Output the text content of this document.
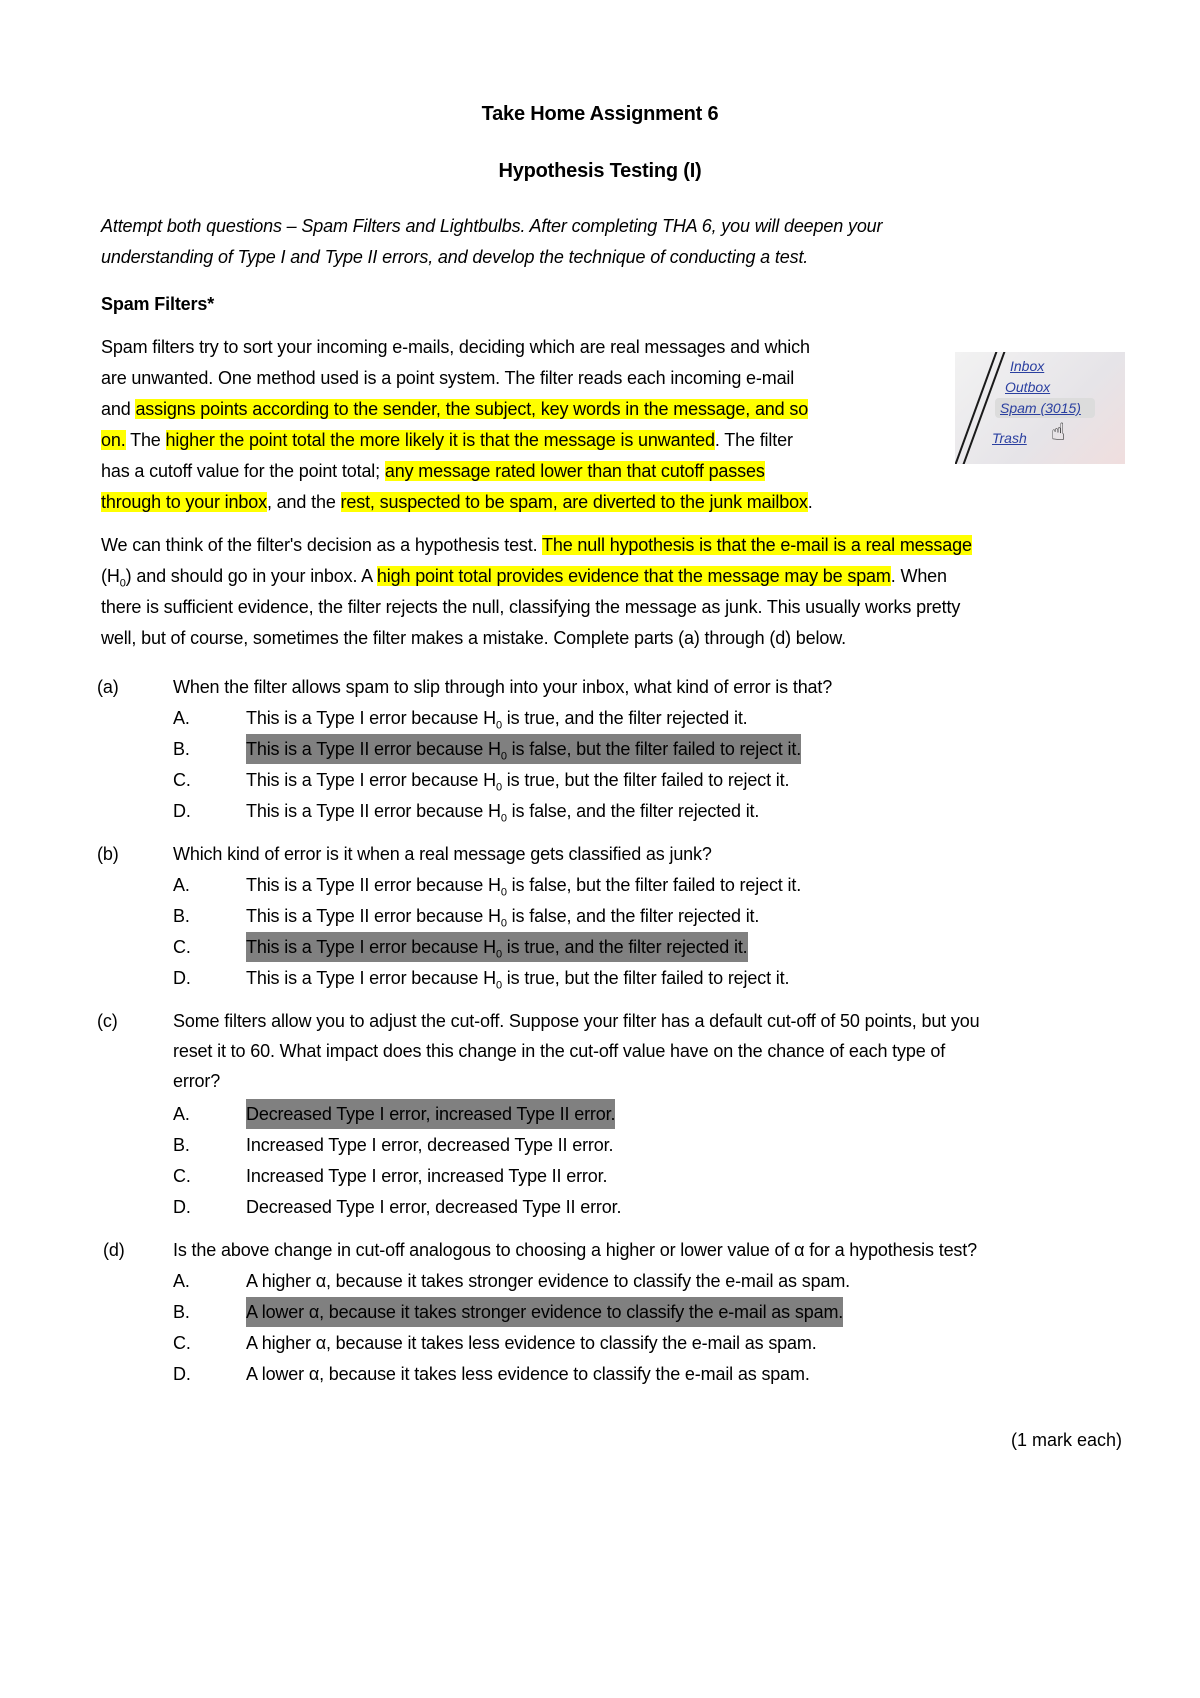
Take Home Assignment 6
Hypothesis Testing (I)
Attempt both questions – Spam Filters and Lightbulbs. After completing THA 6, you will deepen your
understanding of Type I and Type II errors, and develop the technique of conducting a test.
Spam Filters*
Spam filters try to sort your incoming e-mails, deciding which are real messages and which
are unwanted. One method used is a point system. The filter reads each incoming e-mail
and assigns points according to the sender, the subject, key words in the message, and so
on. The higher the point total the more likely it is that the message is unwanted. The filter
has a cutoff value for the point total; any message rated lower than that cutoff passes
through to your inbox, and the rest, suspected to be spam, are diverted to the junk mailbox.
Inbox
Outbox
Spam (3015)
Trash ☝
We can think of the filter's decision as a hypothesis test. The null hypothesis is that the e-mail is a real message
$(H_0)$ and should go in your inbox. A high point total provides evidence that the message may be spam. When
there is sufficient evidence, the filter rejects the null, classifying the message as junk. This usually works pretty
well, but of course, sometimes the filter makes a mistake. Complete parts (a) through (d) below.
(a)	When the filter allows spam to slip through into your inbox, what kind of error is that?
A.	This is a Type I error because $H_0$ is true, and the filter rejected it.
B.	This is a Type II error because $H_0$ is false, but the filter failed to reject it.
C.	This is a Type I error because $H_0$ is true, but the filter failed to reject it.
D.	This is a Type II error because $H_0$ is false, and the filter rejected it.
(b)	Which kind of error is it when a real message gets classified as junk?
A.	This is a Type II error because $H_0$ is false, but the filter failed to reject it.
B.	This is a Type II error because $H_0$ is false, and the filter rejected it.
C.	This is a Type I error because $H_0$ is true, and the filter rejected it.
D.	This is a Type I error because $H_0$ is true, but the filter failed to reject it.
(c)	Some filters allow you to adjust the cut-off. Suppose your filter has a default cut-off of 50 points, but you
reset it to 60. What impact does this change in the cut-off value have on the chance of each type of
error?
A.	Decreased Type I error, increased Type II error.
B.	Increased Type I error, decreased Type II error.
C.	Increased Type I error, increased Type II error.
D.	Decreased Type I error, decreased Type II error.
(d)	Is the above change in cut-off analogous to choosing a higher or lower value of α for a hypothesis test?
A.	A higher α, because it takes stronger evidence to classify the e-mail as spam.
B.	A lower α, because it takes stronger evidence to classify the e-mail as spam.
C.	A higher α, because it takes less evidence to classify the e-mail as spam.
D.	A lower α, because it takes less evidence to classify the e-mail as spam.
(1 mark each)
